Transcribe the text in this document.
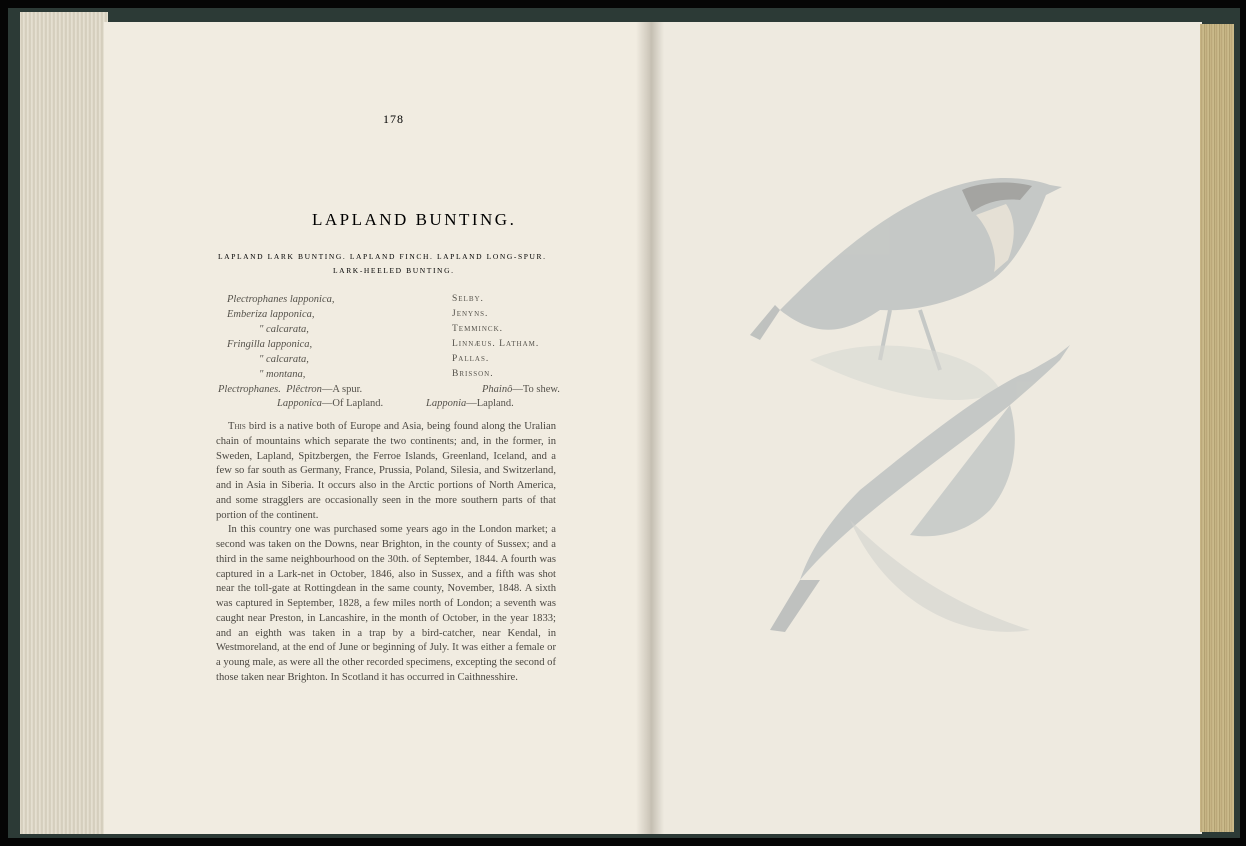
178
LAPLAND BUNTING.
LAPLAND LARK BUNTING. LAPLAND FINCH. LAPLAND LONG-SPUR.
LARK-HEELED BUNTING.
Plectrophanes lapponica,
Emberiza lapponica,
" calcarata,
Fringilla lapponica,
" calcarata,
" montana,
Selby.
Jenyns.
Temminck.
Linnæus. Latham.
Pallas.
Brisson.
Plectrophanes. Plêctron—A spur.	Phainô—To shew.
Lapponica—Of Lapland.	Lapponia—Lapland.

This bird is a native both of Europe and Asia, being found along the Uralian chain of mountains which separate the two continents; and, in the former, in Sweden, Lapland, Spitzbergen, the Ferroe Islands, Greenland, Iceland, and a few so far south as Germany, France, Prussia, Poland, Silesia, and Switzerland, and in Asia in Siberia. It occurs also in the Arctic portions of North America, and some stragglers are occasionally seen in the more southern parts of that portion of the continent.

In this country one was purchased some years ago in the London market; a second was taken on the Downs, near Brighton, in the county of Sussex; and a third in the same neighbourhood on the 30th. of September, 1844. A fourth was captured in a Lark-net in October, 1846, also in Sussex, and a fifth was shot near the toll-gate at Rottingdean in the same county, November, 1848. A sixth was captured in September, 1828, a few miles north of London; a seventh was caught near Preston, in Lancashire, in the month of October, in the year 1833; and an eighth was taken in a trap by a bird-catcher, near Kendal, in Westmoreland, at the end of June or beginning of July. It was either a female or a young male, as were all the other recorded specimens, excepting the second of those taken near Brighton. In Scotland it has occurred in Caithnesshire.
